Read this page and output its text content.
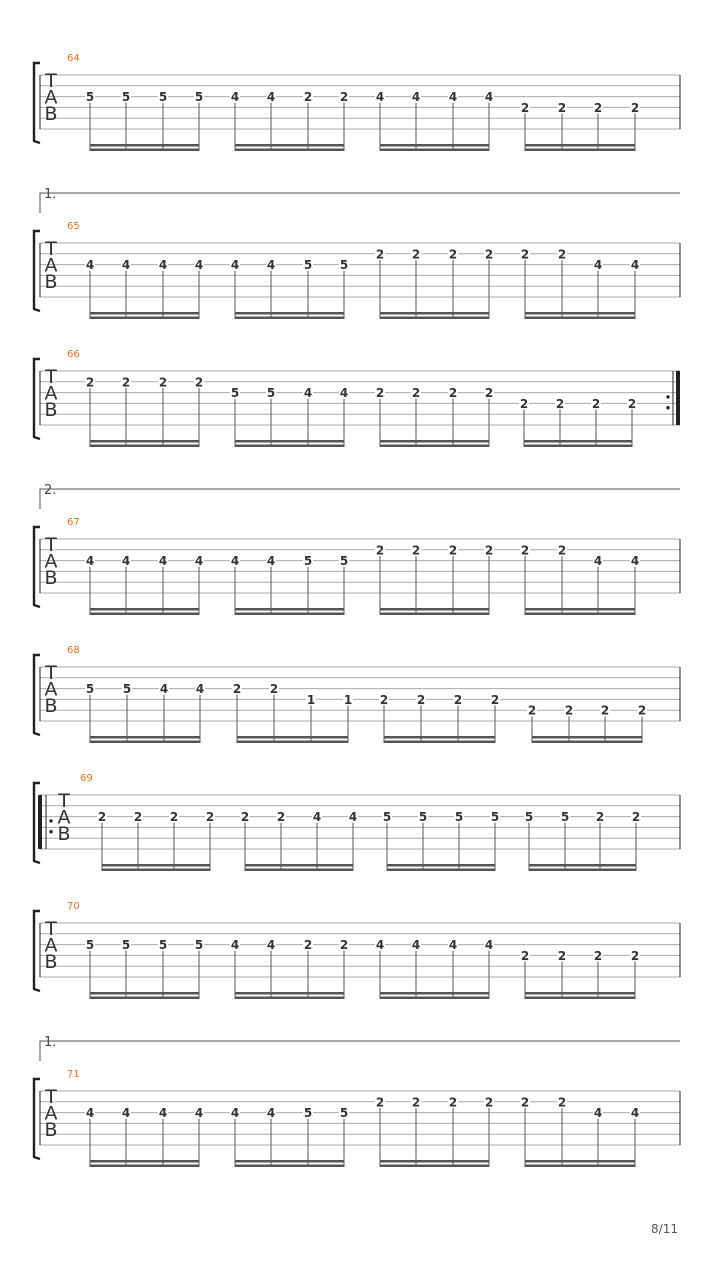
T
A
B
64
5 5 5 5 4 4 2 2 4 4 4 4
2 2 2 2
T
A
B
65
1.
4 4 4 4 4 4 5 5
2 2 2 2 2 2
4 4
T
A
B
66
2 2 2 2
5 5 4 4 2 2 2 2
2 2 2 2
T
A
B
67
2.
4 4 4 4 4 4 5 5
2 2 2 2 2 2
4 4
T
A
B
68
5 5 4 4 2 2
1 1 2 2 2 2
2 2 2 2
T
A
B
69
2 2 2 2 2 2 4 4 5 5 5 5 5 5 2 2
T
A
B
70
5 5 5 5 4 4 2 2 4 4 4 4
2 2 2 2
T
A
B
71
1.
4 4 4 4 4 4 5 5
2 2 2 2 2 2
4 4
8/11
